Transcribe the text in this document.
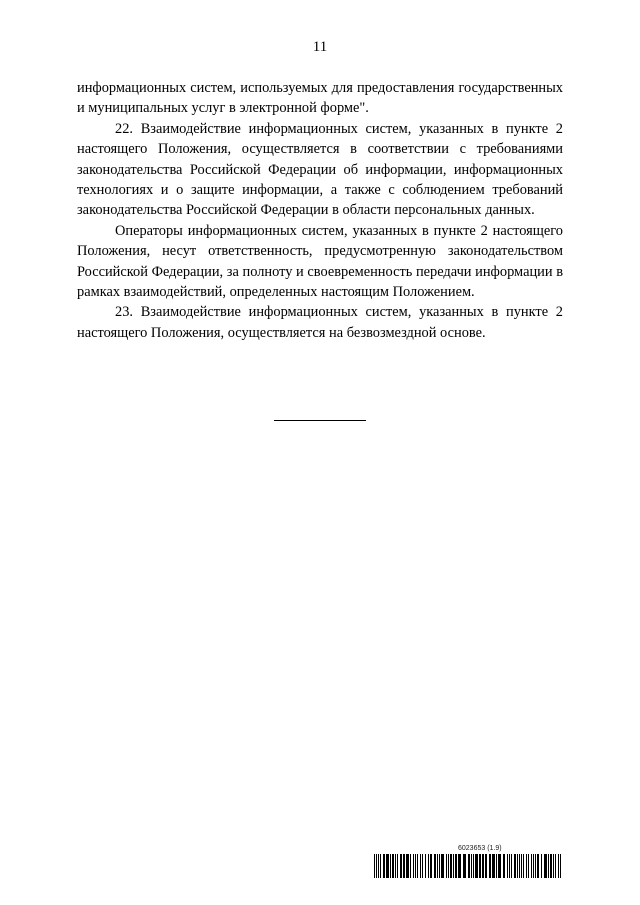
11

информационных систем, используемых для предоставления государственных и муниципальных услуг в электронной форме".

22. Взаимодействие информационных систем, указанных в пункте 2 настоящего Положения, осуществляется в соответствии с требованиями законодательства Российской Федерации об информации, информационных технологиях и о защите информации, а также с соблюдением требований законодательства Российской Федерации в области персональных данных.

Операторы информационных систем, указанных в пункте 2 настоящего Положения, несут ответственность, предусмотренную законодательством Российской Федерации, за полноту и своевременность передачи информации в рамках взаимодействий, определенных настоящим Положением.

23. Взаимодействие информационных систем, указанных в пункте 2 настоящего Положения, осуществляется на безвозмездной основе.

6023653 (1.9)
